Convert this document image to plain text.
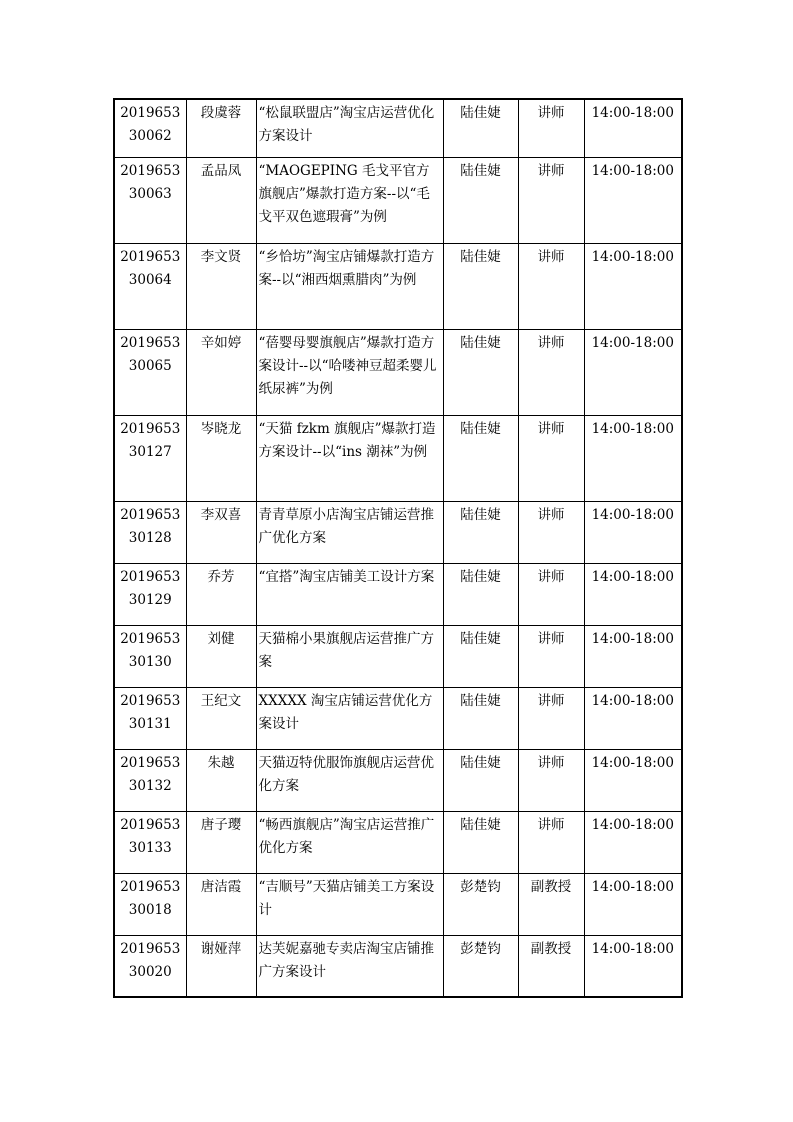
2019653
30062	段虞蓉	“松鼠联盟店”淘宝店运营优化方案设计	陆佳婕	讲师	14:00-18:00

2019653
30063	孟品凤	“MAOGEPING 毛戈平官方旗舰店”爆款打造方案--以“毛戈平双色遮瑕膏”为例	陆佳婕	讲师	14:00-18:00

2019653
30064	李文贤	“乡恰坊”淘宝店铺爆款打造方案--以“湘西烟熏腊肉”为例	陆佳婕	讲师	14:00-18:00

2019653
30065	辛如婷	“蓓婴母婴旗舰店”爆款打造方案设计--以“哈喽神豆超柔婴儿纸尿裤”为例	陆佳婕	讲师	14:00-18:00

2019653
30127	岑晓龙	“天猫 fzkm 旗舰店”爆款打造方案设计--以“ins 潮袜”为例	陆佳婕	讲师	14:00-18:00

2019653
30128	李双喜	青青草原小店淘宝店铺运营推广优化方案	陆佳婕	讲师	14:00-18:00

2019653
30129	乔芳	“宜搭”淘宝店铺美工设计方案	陆佳婕	讲师	14:00-18:00

2019653
30130	刘健	天猫棉小果旗舰店运营推广方案	陆佳婕	讲师	14:00-18:00

2019653
30131	王纪文	XXXXX 淘宝店铺运营优化方案设计	陆佳婕	讲师	14:00-18:00

2019653
30132	朱越	天猫迈特优服饰旗舰店运营优化方案	陆佳婕	讲师	14:00-18:00

2019653
30133	唐子璎	“畅西旗舰店”淘宝店运营推广优化方案	陆佳婕	讲师	14:00-18:00

2019653
30018	唐洁霞	“吉顺号”天猫店铺美工方案设计	彭楚钧	副教授	14:00-18:00

2019653
30020	谢娅萍	达芙妮嘉驰专卖店淘宝店铺推广方案设计	彭楚钧	副教授	14:00-18:00
